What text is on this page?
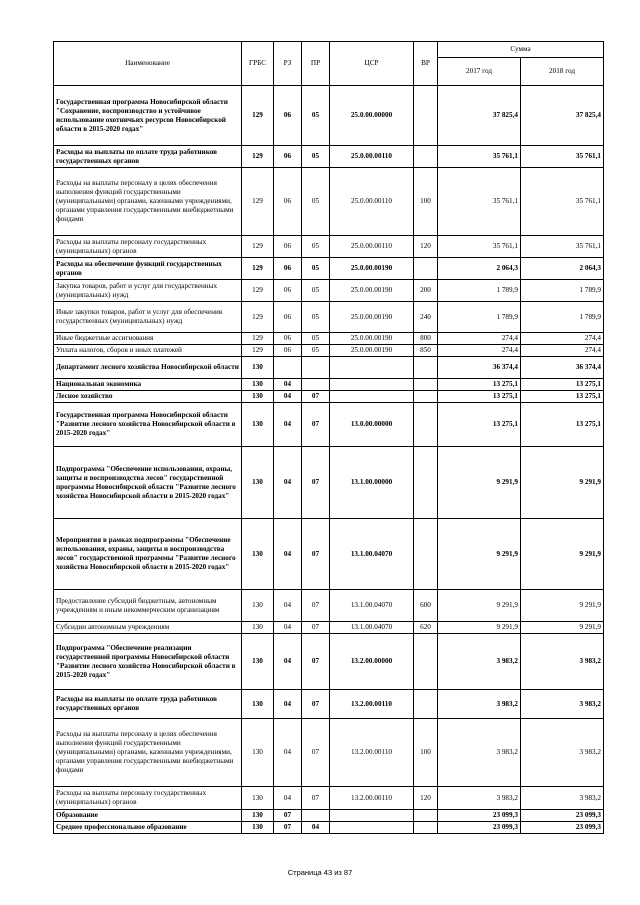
Наименование	ГРБС	РЗ	ПР	ЦСР	ВР	Сумма	
						2017 год	2018 год
Государственная программа Новосибирской области "Сохранение, воспроизводство и устойчивое использование охотничьих ресурсов Новосибирской области в 2015-2020 годах"	129	06	05	25.0.00.00000		37 825,4	37 825,4
Расходы на выплаты по оплате труда работников государственных органов	129	06	05	25.0.00.00110		35 761,1	35 761,1
Расходы на выплаты персоналу в целях обеспечения выполнения функций государственными (муниципальными) органами, казенными учреждениями, органами управления государственными внебюджетными фондами	129	06	05	25.0.00.00110	100	35 761,1	35 761,1
Расходы на выплаты персоналу государственных (муниципальных) органов	129	06	05	25.0.00.00110	120	35 761,1	35 761,1
Расходы на обеспечение функций государственных органов	129	06	05	25.0.00.00190		2 064,3	2 064,3
Закупка товаров, работ и услуг для государственных (муниципальных) нужд	129	06	05	25.0.00.00190	200	1 789,9	1 789,9
Иные закупки товаров, работ и услуг для обеспечения государственных (муниципальных) нужд	129	06	05	25.0.00.00190	240	1 789,9	1 789,9
Иные бюджетные ассигнования	129	06	05	25.0.00.00190	800	274,4	274,4
Уплата налогов, сборов и иных платежей	129	06	05	25.0.00.00190	850	274,4	274,4
Департамент лесного хозяйства Новосибирской области	130					36 374,4	36 374,4
Национальная экономика	130	04				13 275,1	13 275,1
Лесное хозяйство	130	04	07			13 275,1	13 275,1
Государственная программа Новосибирской области "Развитие лесного хозяйства Новосибирской области в 2015-2020 годах"	130	04	07	13.0.00.00000		13 275,1	13 275,1
Подпрограмма "Обеспечение использования, охраны, защиты и воспроизводства лесов" государственной программы Новосибирской области "Развитие лесного хозяйства Новосибирской области в 2015-2020 годах"	130	04	07	13.1.00.00000		9 291,9	9 291,9
Мероприятия в рамках подпрограммы "Обеспечение использования, охраны, защиты и воспроизводства лесов" государственной программы "Развитие лесного хозяйства Новосибирской области в 2015-2020 годах"	130	04	07	13.1.00.04070		9 291,9	9 291,9
Предоставление субсидий бюджетным, автономным учреждениям и иным некоммерческим организациям	130	04	07	13.1.00.04070	600	9 291,9	9 291,9
Субсидии автономным учреждениям	130	04	07	13.1.00.04070	620	9 291,9	9 291,9
Подпрограмма "Обеспечение реализации государственной программы Новосибирской области "Развитие лесного хозяйства Новосибирской области в 2015-2020 годах"	130	04	07	13.2.00.00000		3 983,2	3 983,2
Расходы на выплаты по оплате труда работников государственных органов	130	04	07	13.2.00.00110		3 983,2	3 983,2
Расходы на выплаты персоналу в целях обеспечения выполнения функций государственными (муниципальными) органами, казенными учреждениями, органами управления государственными внебюджетными фондами	130	04	07	13.2.00.00110	100	3 983,2	3 983,2
Расходы на выплаты персоналу государственных (муниципальных) органов	130	04	07	13.2.00.00110	120	3 983,2	3 983,2
Образование	130	07				23 099,3	23 099,3
Среднее профессиональное образование	130	07	04			23 099,3	23 099,3
Страница 43 из 87
